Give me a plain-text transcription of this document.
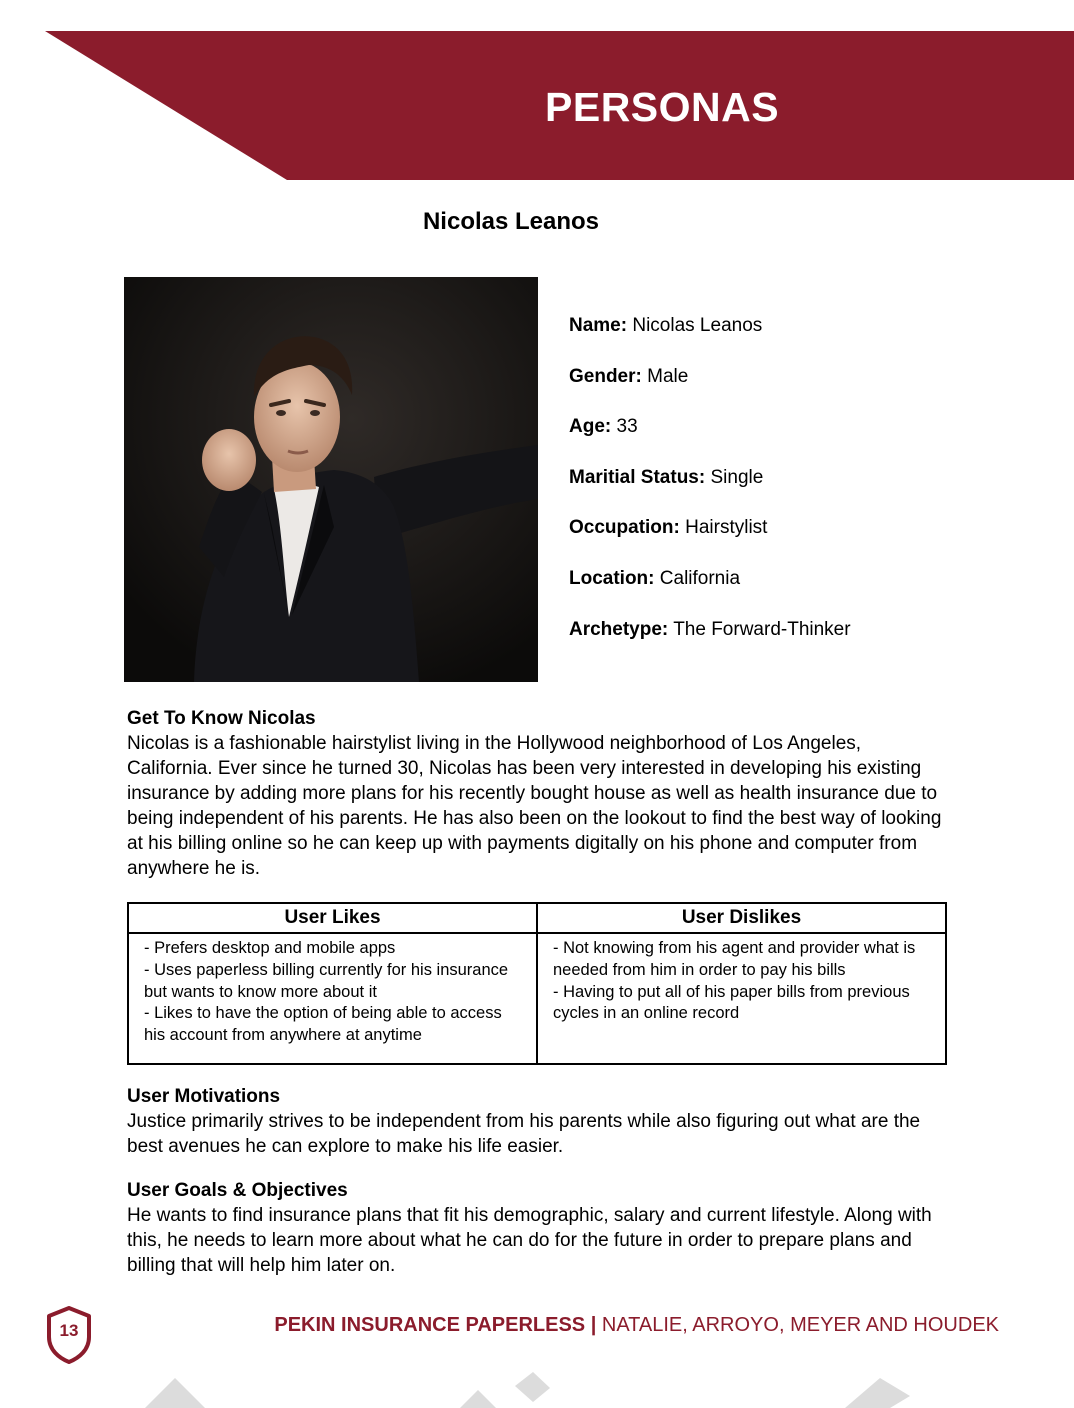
PERSONAS
Nicolas Leanos
Name: Nicolas Leanos
Gender: Male
Age: 33
Maritial Status: Single
Occupation: Hairstylist
Location: California
Archetype: The Forward-Thinker
Get To Know Nicolas

Nicolas is a fashionable hairstylist living in the Hollywood neighborhood of Los Angeles, California. Ever since he turned 30, Nicolas has been very interested in developing his existing insurance by adding more plans for his recently bought house as well as health insurance due to being independent of his parents. He has also been on the lookout to find the best way of looking at his billing online so he can keep up with payments digitally on his phone and computer from anywhere he is.

User Likes
- Prefers desktop and mobile apps
- Uses paperless billing currently for his insurance but wants to know more about it
- Likes to have the option of being able to access his account from anywhere at anytime
User Dislikes
- Not knowing from his agent and provider what is needed from him in order to pay his bills
- Having to put all of his paper bills from previous cycles in an online record
User Motivations

Justice primarily strives to be independent from his parents while also figuring out what are the best avenues he can explore to make his life easier.

User Goals & Objectives

He wants to find insurance plans that fit his demographic, salary and current lifestyle. Along with this, he needs to learn more about what he can do for the future in order to prepare plans and billing that will help him later on.

13	PEKIN INSURANCE PAPERLESS | NATALIE, ARROYO, MEYER AND HOUDEK
